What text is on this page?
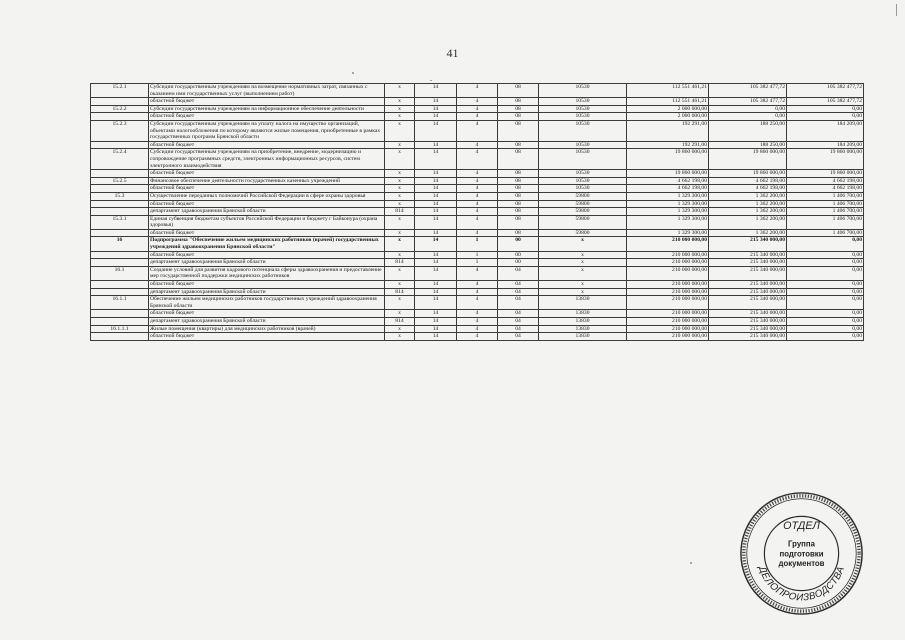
41
15.2.1	Субсидии государственным учреждениям на возмещение нормативных затрат, связанных с оказанием ими государственных услуг (выполнением работ)	х	14	4	08	10530	112 551 461,21	105 382 477,72	105 382 477,72
	областной бюджет	х	14	4	08	10530	112 551 461,21	105 382 477,72	105 382 477,72
15.2.2	Субсидии государственным учреждениям на информационное обеспечение деятельности	х	14	4	08	10530	2 000 000,00	0,00	0,00
	областной бюджет	х	14	4	08	10530	2 000 000,00	0,00	0,00
15.2.3	Субсидии государственным учреждениям на уплату налога на имущество организаций, объектами налогообложения по которому являются жилые помещения, приобретенные в рамках государственных программ Брянской области	х	14	4	08	10530	192 291,00	188 250,00	184 209,00
	областной бюджет	х	14	4	08	10530	192 291,00	188 250,00	184 209,00
15.2.4	Субсидии государственным учреждениям на приобретение, внедрение, модернизацию и сопровождение программных средств, электронных информационных ресурсов, систем электронного взаимодействия	х	14	4	08	10530	19 860 000,00	19 860 000,00	19 860 000,00
	областной бюджет	х	14	4	08	10530	19 860 000,00	19 860 000,00	19 860 000,00
15.2.5	Финансовое обеспечение деятельности государственных казенных учреждений	х	14	4	08	10530	4 662 198,00	4 662 198,00	4 662 198,00
	областной бюджет	х	14	4	08	10530	4 662 198,00	4 662 198,00	4 662 198,00
15.3	Осуществление переданных полномочий Российской Федерации в сфере охраны здоровья	х	14	4	08	59800	1 329 300,00	1 362 200,00	1 406 700,00
	областной бюджет	х	14	4	08	59800	1 329 300,00	1 362 200,00	1 406 700,00
	департамент здравоохранения Брянской области	814	14	4	08	59800	1 329 300,00	1 362 200,00	1 406 700,00
15.3.1	Единая субвенция бюджетам субъектов Российской Федерации и бюджету г Байконура (охрана здоровья)	х	14	4	08	59800	1 329 300,00	1 362 200,00	1 406 700,00
	областной бюджет	х	14	4	08	59800	1 329 300,00	1 362 200,00	1 406 700,00
16	Подпрограмма "Обеспечение жильем медицинских работников (врачей) государственных учреждений здравоохранения Брянской области"	х	14	1	00	х	210 000 000,00	215 340 000,00	0,00
	областной бюджет	х	14	1	00	х	210 000 000,00	215 340 000,00	0,00
	департамент здравоохранения Брянской области	814	14	1	00	х	210 000 000,00	215 340 000,00	0,00
16.1	Создание условий для развития кадрового потенциала сферы здравоохранения и предоставление мер государственной поддержки медицинских работников	х	14	4	04	х	210 000 000,00	215 340 000,00	0,00
	областной бюджет	х	14	4	04	х	210 000 000,00	215 340 000,00	0,00
	департамент здравоохранения Брянской области	814	14	4	04	х	210 000 000,00	215 340 000,00	0,00
16.1.1	Обеспечение жильем медицинских работников государственных учреждений здравоохранения Брянской области	х	14	4	04	13830	210 000 000,00	215 340 000,00	0,00
	областной бюджет	х	14	4	04	13830	210 000 000,00	215 340 000,00	0,00
	департамент здравоохранения Брянской области	814	14	4	04	13830	210 000 000,00	215 340 000,00	0,00
16.1.1.1	Жилые помещения (квартиры) для медицинских работников (врачей)	х	14	4	04	13830	210 000 000,00	215 340 000,00	0,00
	областной бюджет	х	14	4	04	13830	210 000 000,00	215 340 000,00	0,00
ОТДЕЛ
Группа
подготовки
документов
ДЕЛОПРОИЗВОДСТВА
